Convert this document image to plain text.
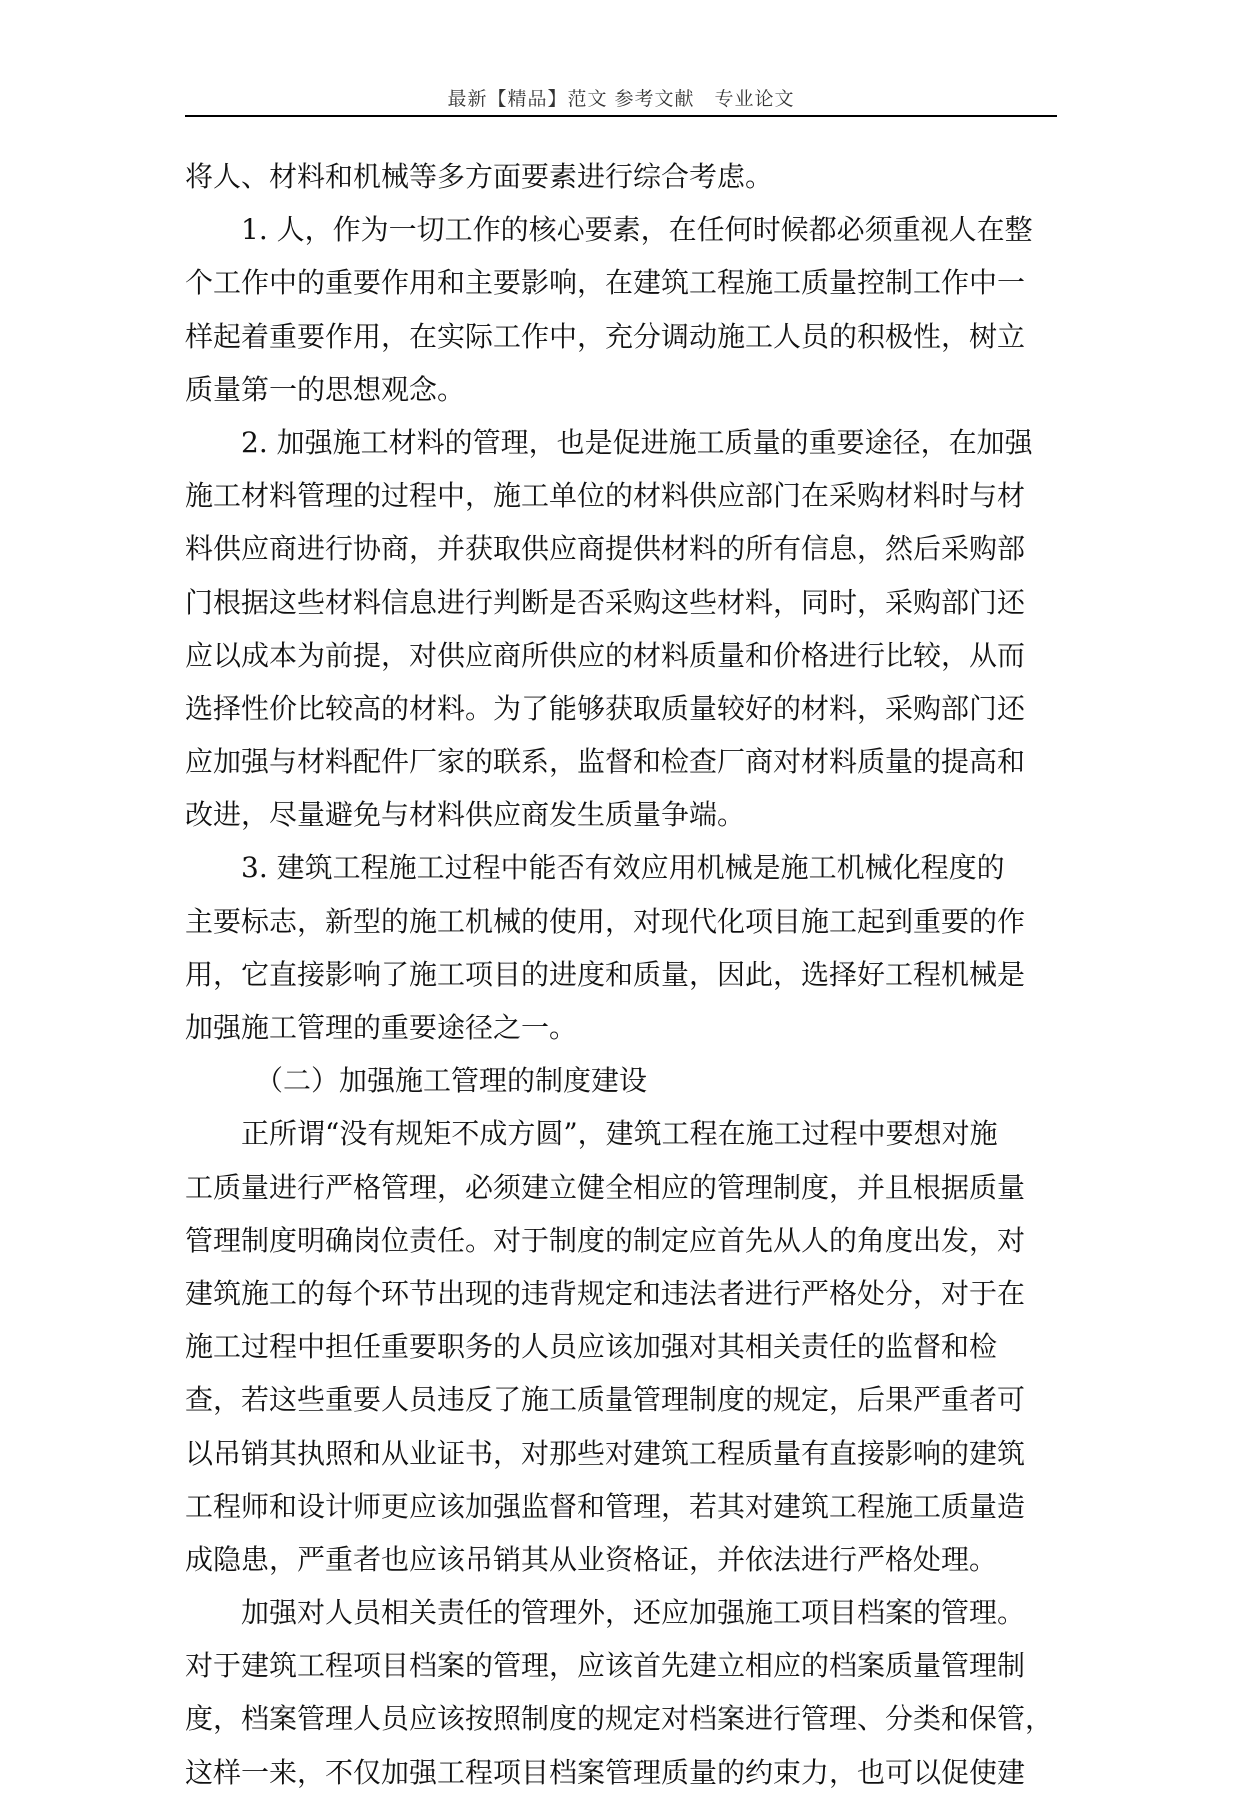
最新【精品】范文 参考文献　专业论文
将人、材料和机械等多方面要素进行综合考虑。
1. 人，作为一切工作的核心要素，在任何时候都必须重视人在整
个工作中的重要作用和主要影响，在建筑工程施工质量控制工作中一
样起着重要作用，在实际工作中，充分调动施工人员的积极性，树立
质量第一的思想观念。
2. 加强施工材料的管理，也是促进施工质量的重要途径，在加强
施工材料管理的过程中，施工单位的材料供应部门在采购材料时与材
料供应商进行协商，并获取供应商提供材料的所有信息，然后采购部
门根据这些材料信息进行判断是否采购这些材料，同时，采购部门还
应以成本为前提，对供应商所供应的材料质量和价格进行比较，从而
选择性价比较高的材料。为了能够获取质量较好的材料，采购部门还
应加强与材料配件厂家的联系，监督和检查厂商对材料质量的提高和
改进，尽量避免与材料供应商发生质量争端。
3. 建筑工程施工过程中能否有效应用机械是施工机械化程度的
主要标志，新型的施工机械的使用，对现代化项目施工起到重要的作
用，它直接影响了施工项目的进度和质量，因此，选择好工程机械是
加强施工管理的重要途径之一。
（二）加强施工管理的制度建设
正所谓“没有规矩不成方圆”，建筑工程在施工过程中要想对施
工质量进行严格管理，必须建立健全相应的管理制度，并且根据质量
管理制度明确岗位责任。对于制度的制定应首先从人的角度出发，对
建筑施工的每个环节出现的违背规定和违法者进行严格处分，对于在
施工过程中担任重要职务的人员应该加强对其相关责任的监督和检
查，若这些重要人员违反了施工质量管理制度的规定，后果严重者可
以吊销其执照和从业证书，对那些对建筑工程质量有直接影响的建筑
工程师和设计师更应该加强监督和管理，若其对建筑工程施工质量造
成隐患，严重者也应该吊销其从业资格证，并依法进行严格处理。
加强对人员相关责任的管理外，还应加强施工项目档案的管理。
对于建筑工程项目档案的管理，应该首先建立相应的档案质量管理制
度，档案管理人员应该按照制度的规定对档案进行管理、分类和保管，
这样一来，不仅加强工程项目档案管理质量的约束力，也可以促使建
